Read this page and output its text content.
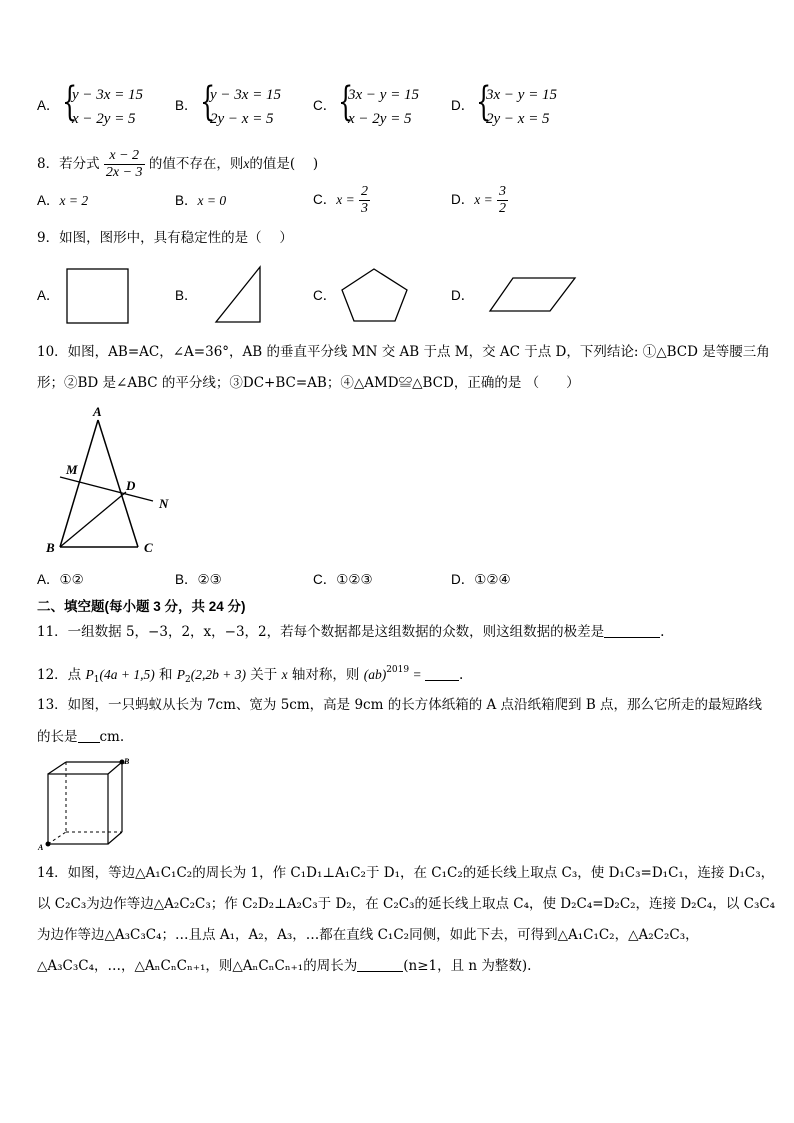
A． {
y − 3x = 15
x − 2y = 5
B． {
y − 3x = 15
2y − x = 5
C． {
3x − y = 15
x − 2y = 5
D． {
3x − y = 15
2y − x = 5
8．若分式 $\frac{x - 2}{2x - 3}$ 的值不存在，则x的值是(　 )
A．x = 2	B．x = 0	C．$x = \frac{2}{3}$	D．$x = \frac{3}{2}$
9．如图，图形中，具有稳定性的是（　 ）
A．	B．	C．	D．
10．如图，AB=AC，∠A=36°，AB 的垂直平分线 MN 交 AB 于点 M，交 AC 于点 D，下列结论: ①△BCD 是等腰三角
形；②BD 是∠ABC 的平分线；③DC+BC=AB；④△AMD≌△BCD，正确的是 （　　）
A
M
D
N
B	C
A．①②	B．②③	C．①②③	D．①②④
二、填空题(每小题 3 分，共 24 分)
11．一组数据 5，−3，2，x，−3，2，若每个数据都是这组数据的众数，则这组数据的极差是	.
12．点 $P_1(4a + 1,5)$ 和 $P_2(2,2b + 3)$ 关于 x 轴对称，则 (ab)$^{2019}$ =	.
13．如图，一只蚂蚁从长为 7cm、宽为 5cm，高是 9cm 的长方体纸箱的 A 点沿纸箱爬到 B 点，那么它所走的最短路线
的长是 cm.
A
B
14．如图，等边△A₁C₁C₂的周长为 1，作 C₁D₁⊥A₁C₂于 D₁，在 C₁C₂的延长线上取点 C₃，使 D₁C₃=D₁C₁，连接 D₁C₃，
以 C₂C₃为边作等边△A₂C₂C₃；作 C₂D₂⊥A₂C₃于 D₂，在 C₂C₃的延长线上取点 C₄，使 D₂C₄=D₂C₂，连接 D₂C₄，以 C₃C₄
为边作等边△A₃C₃C₄；…且点 A₁，A₂，A₃，…都在直线 C₁C₂同侧，如此下去，可得到△A₁C₁C₂，△A₂C₂C₃，
△A₃C₃C₄，…，△AₙCₙCₙ₊₁，则△AₙCₙCₙ₊₁的周长为	(n≥1，且 n 为整数).
